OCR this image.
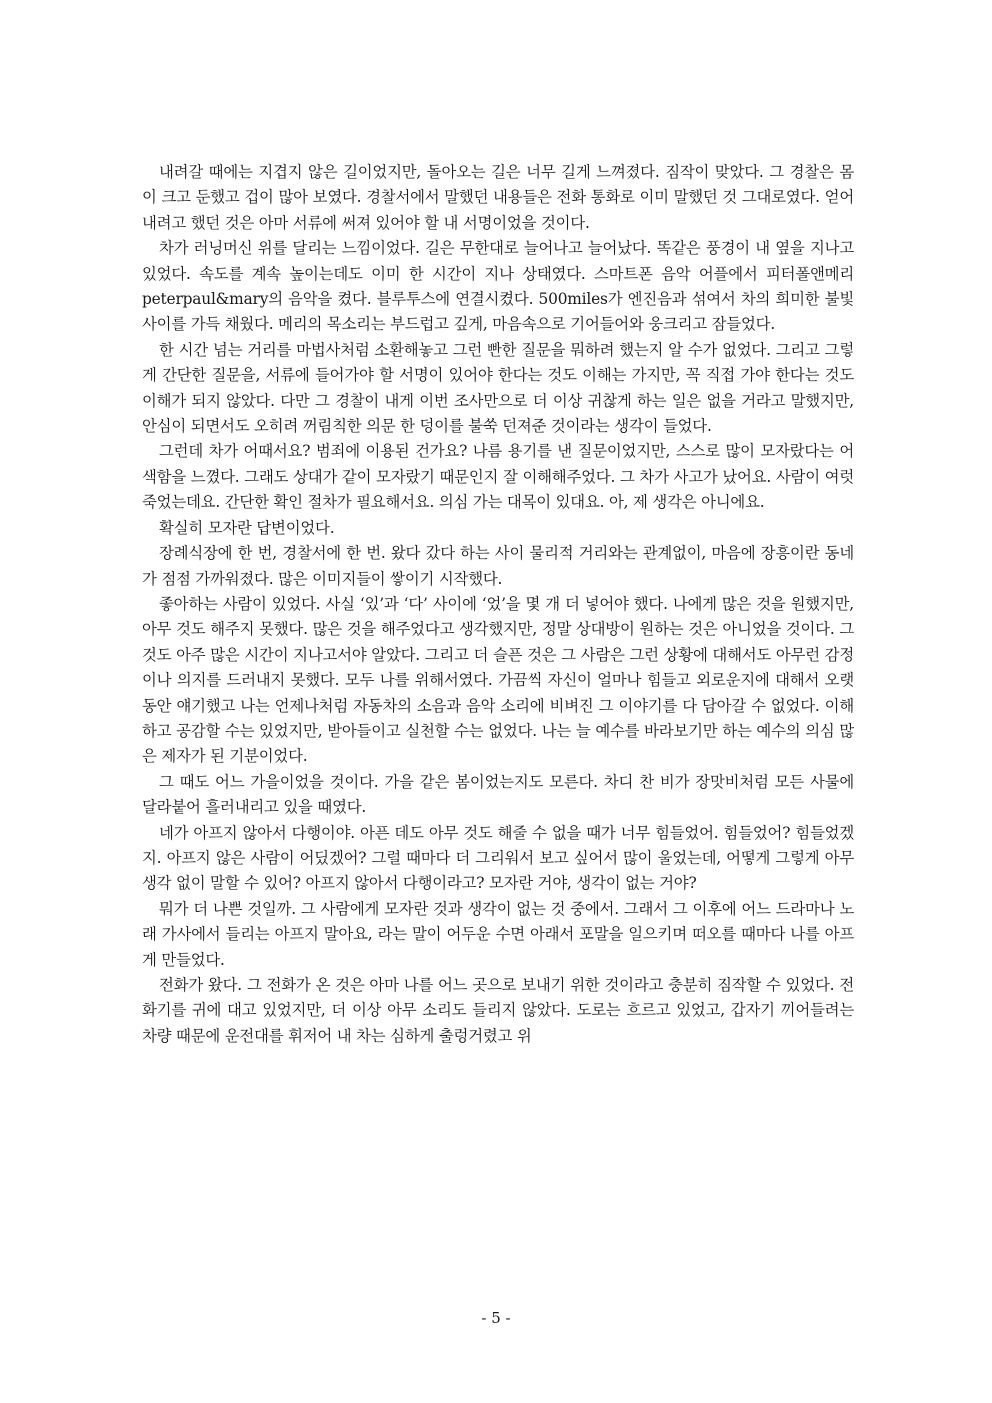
내려갈 때에는 지겹지 않은 길이었지만, 돌아오는 길은 너무 길게 느껴졌다. 짐작이 맞았다. 그 경찰은 몸이 크고 둔했고 겁이 많아 보였다. 경찰서에서 말했던 내용들은 전화 통화로 이미 말했던 것 그대로였다. 얻어내려고 했던 것은 아마 서류에 써져 있어야 할 내 서명이었을 것이다.

차가 러닝머신 위를 달리는 느낌이었다. 길은 무한대로 늘어나고 늘어났다. 똑같은 풍경이 내 옆을 지나고 있었다. 속도를 계속 높이는데도 이미 한 시간이 지나 상태였다. 스마트폰 음악 어플에서 피터폴앤메리peterpaul&mary의 음악을 켰다. 블루투스에 연결시켰다. 500miles가 엔진음과 섞여서 차의 희미한 불빛 사이를 가득 채웠다. 메리의 목소리는 부드럽고 깊게, 마음속으로 기어들어와 웅크리고 잠들었다.

한 시간 넘는 거리를 마법사처럼 소환해놓고 그런 빤한 질문을 뭐하려 했는지 알 수가 없었다. 그리고 그렇게 간단한 질문을, 서류에 들어가야 할 서명이 있어야 한다는 것도 이해는 가지만, 꼭 직접 가야 한다는 것도 이해가 되지 않았다. 다만 그 경찰이 내게 이번 조사만으로 더 이상 귀찮게 하는 일은 없을 거라고 말했지만, 안심이 되면서도 오히려 꺼림칙한 의문 한 덩이를 불쑥 던져준 것이라는 생각이 들었다.

그런데 차가 어때서요? 범죄에 이용된 건가요? 나름 용기를 낸 질문이었지만, 스스로 많이 모자랐다는 어색함을 느꼈다. 그래도 상대가 같이 모자랐기 때문인지 잘 이해해주었다. 그 차가 사고가 났어요. 사람이 여럿 죽었는데요. 간단한 확인 절차가 필요해서요. 의심 가는 대목이 있대요. 아, 제 생각은 아니에요.

확실히 모자란 답변이었다.

장례식장에 한 번, 경찰서에 한 번. 왔다 갔다 하는 사이 물리적 거리와는 관계없이, 마음에 장흥이란 동네가 점점 가까워졌다. 많은 이미지들이 쌓이기 시작했다.

좋아하는 사람이 있었다. 사실 ‘있’과 ‘다’ 사이에 ‘었’을 몇 개 더 넣어야 했다. 나에게 많은 것을 원했지만, 아무 것도 해주지 못했다. 많은 것을 해주었다고 생각했지만, 정말 상대방이 원하는 것은 아니었을 것이다. 그것도 아주 많은 시간이 지나고서야 알았다. 그리고 더 슬픈 것은 그 사람은 그런 상황에 대해서도 아무런 감정이나 의지를 드러내지 못했다. 모두 나를 위해서였다. 가끔씩 자신이 얼마나 힘들고 외로운지에 대해서 오랫동안 얘기했고 나는 언제나처럼 자동차의 소음과 음악 소리에 비벼진 그 이야기를 다 담아갈 수 없었다. 이해하고 공감할 수는 있었지만, 받아들이고 실천할 수는 없었다. 나는 늘 예수를 바라보기만 하는 예수의 의심 많은 제자가 된 기분이었다.

그 때도 어느 가을이었을 것이다. 가을 같은 봄이었는지도 모른다. 차디 찬 비가 장맛비처럼 모든 사물에 달라붙어 흘러내리고 있을 때였다.

네가 아프지 않아서 다행이야. 아픈 데도 아무 것도 해줄 수 없을 때가 너무 힘들었어. 힘들었어? 힘들었겠지. 아프지 않은 사람이 어딨겠어? 그럴 때마다 더 그리워서 보고 싶어서 많이 울었는데, 어떻게 그렇게 아무 생각 없이 말할 수 있어? 아프지 않아서 다행이라고? 모자란 거야, 생각이 없는 거야?

뭐가 더 나쁜 것일까. 그 사람에게 모자란 것과 생각이 없는 것 중에서. 그래서 그 이후에 어느 드라마나 노래 가사에서 들리는 아프지 말아요, 라는 말이 어두운 수면 아래서 포말을 일으키며 떠오를 때마다 나를 아프게 만들었다.

전화가 왔다. 그 전화가 온 것은 아마 나를 어느 곳으로 보내기 위한 것이라고 충분히 짐작할 수 있었다. 전화기를 귀에 대고 있었지만, 더 이상 아무 소리도 들리지 않았다. 도로는 흐르고 있었고, 갑자기 끼어들려는 차량 때문에 운전대를 휘저어 내 차는 심하게 출렁거렸고 위

- 5 -
